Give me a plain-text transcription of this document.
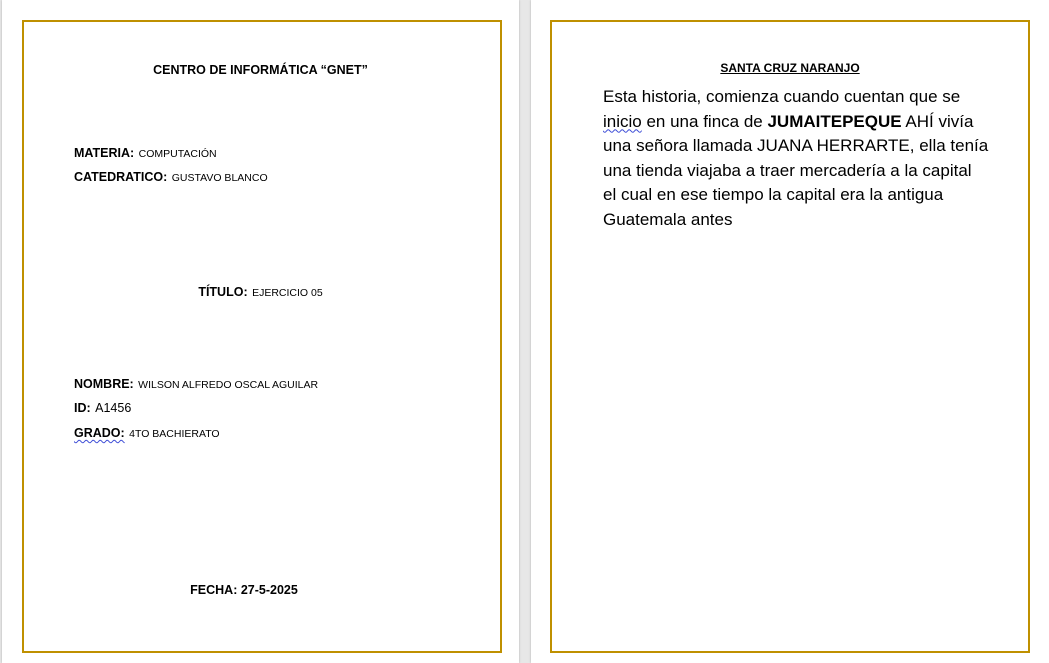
CENTRO DE INFORMÁTICA “GNET”
MATERIA: COMPUTACIÓN
CATEDRATICO: GUSTAVO BLANCO
TÍTULO: EJERCICIO 05
NOMBRE: WILSON ALFREDO OSCAL AGUILAR
ID: A1456
GRADO: 4TO BACHIERATO
FECHA: 27-5-2025
SANTA CRUZ NARANJO
Esta historia, comienza cuando cuentan que se
inicio en una finca de JUMAITEPEQUE AHÍ vivía
una señora llamada JUANA HERRARTE, ella tenía
una tienda viajaba a traer mercadería a la capital
el cual en ese tiempo la capital era la antigua
Guatemala antes
